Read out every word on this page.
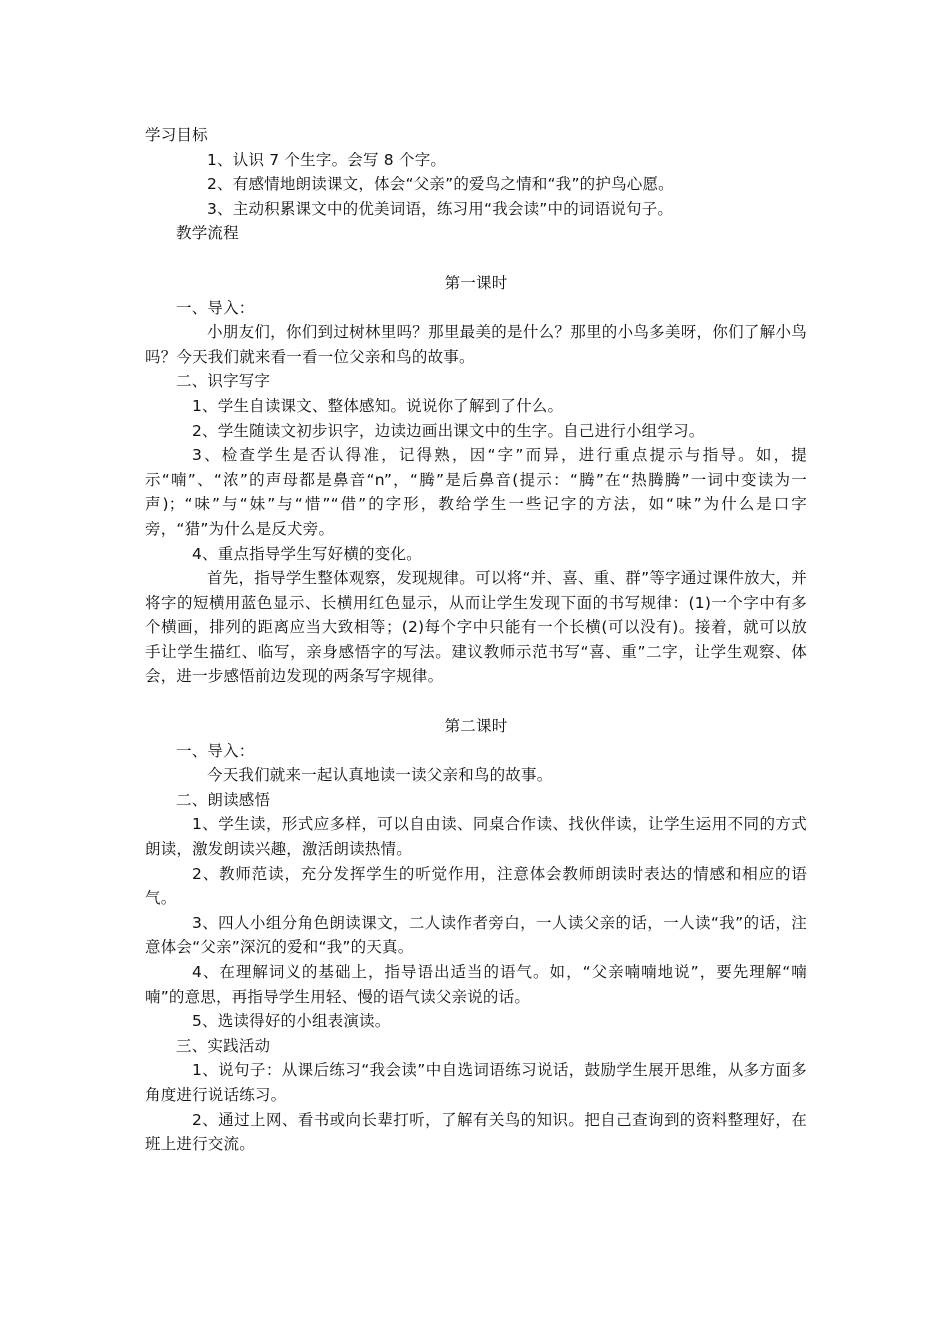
学习目标

1、认识 7 个生字。会写 8 个字。

2、有感情地朗读课文，体会“父亲”的爱鸟之情和“我”的护鸟心愿。

3、主动积累课文中的优美词语，练习用“我会读”中的词语说句子。

教学流程

第一课时

一、导入：

小朋友们，你们到过树林里吗？那里最美的是什么？那里的小鸟多美呀，你们了解小鸟吗？今天我们就来看一看一位父亲和鸟的故事。

二、识字写字

1、学生自读课文、整体感知。说说你了解到了什么。

2、学生随读文初步识字，边读边画出课文中的生字。自己进行小组学习。

3、检查学生是否认得准，记得熟，因“字”而异，进行重点提示与指导。如，提示“喃”、“浓”的声母都是鼻音“n”，“腾”是后鼻音(提示：“腾”在“热腾腾”一词中变读为一声)；“味”与“妹”与“惜”“借”的字形，教给学生一些记字的方法，如“味”为什么是口字旁，“猎”为什么是反犬旁。

4、重点指导学生写好横的变化。

首先，指导学生整体观察，发现规律。可以将“并、喜、重、群”等字通过课件放大，并将字的短横用蓝色显示、长横用红色显示，从而让学生发现下面的书写规律：(1)一个字中有多个横画，排列的距离应当大致相等；(2)每个字中只能有一个长横(可以没有)。接着，就可以放手让学生描红、临写，亲身感悟字的写法。建议教师示范书写“喜、重”二字，让学生观察、体会，进一步感悟前边发现的两条写字规律。

第二课时

一、导入：

今天我们就来一起认真地读一读父亲和鸟的故事。

二、朗读感悟

1、学生读，形式应多样，可以自由读、同桌合作读、找伙伴读，让学生运用不同的方式朗读，激发朗读兴趣，激活朗读热情。

2、教师范读，充分发挥学生的听觉作用，注意体会教师朗读时表达的情感和相应的语气。

3、四人小组分角色朗读课文，二人读作者旁白，一人读父亲的话，一人读“我”的话，注意体会“父亲”深沉的爱和“我”的天真。

4、在理解词义的基础上，指导语出适当的语气。如，“父亲喃喃地说”，要先理解“喃喃”的意思，再指导学生用轻、慢的语气读父亲说的话。

5、选读得好的小组表演读。

三、实践活动

1、说句子：从课后练习“我会读”中自选词语练习说话，鼓励学生展开思维，从多方面多角度进行说话练习。

2、通过上网、看书或向长辈打听，了解有关鸟的知识。把自己查询到的资料整理好，在班上进行交流。
